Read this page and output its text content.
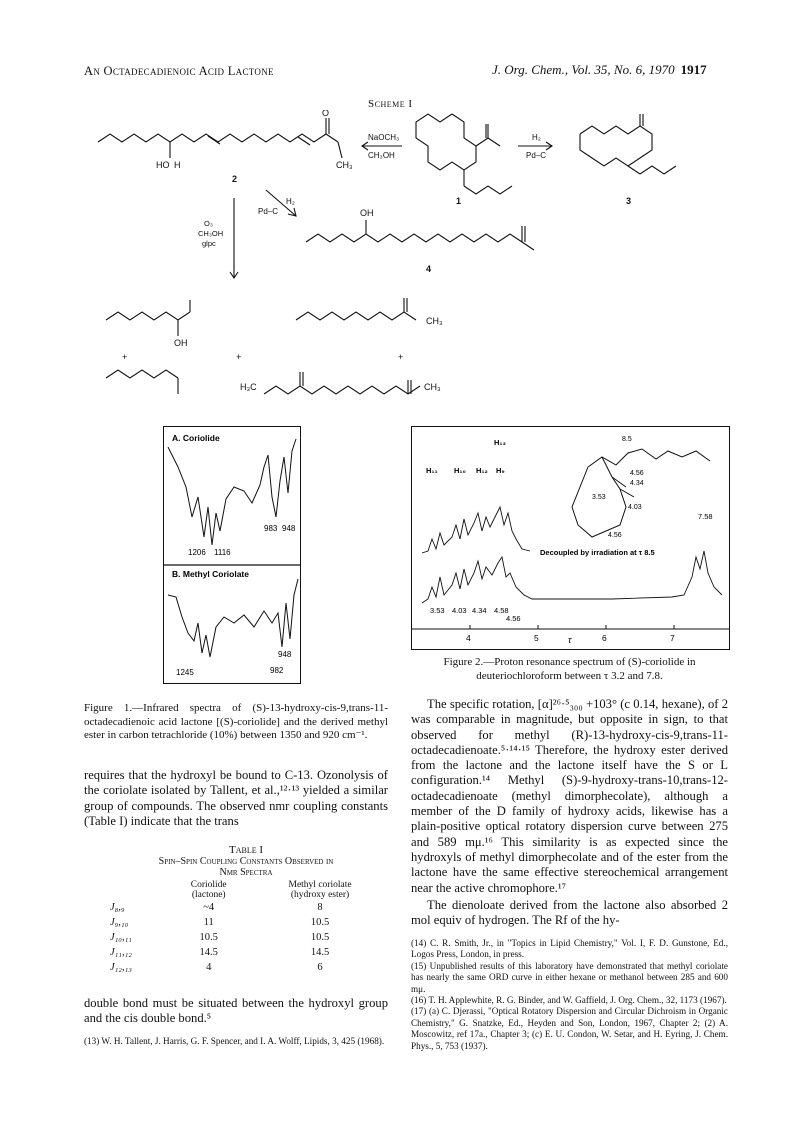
An Octadecadienoic Acid Lactone	J. Org. Chem., Vol. 35, No. 6, 1970 1917
Scheme I
HO H
O
CH₃
2
NaOCH₃
CH₃OH
1
H₂
Pd–C
3
H₂
Pd–C
O₃
CH₃OH
glpc
OH
4
OH
+	+	+
CH₃
H₃C	CH₃
A. Coriolide
B. Methyl Coriolate
1206 1116
983 948
1245
948
982
Decoupled by irradiation at τ 8.5
H₁₃
H₁₁ H₁₀ H₁₂ H₉
3.53 4.03 4.34
4.56
4.58
7.58
4	5	6	7
τ
8.5
4.56
4.34
3.53
4.03
4.56
Figure 1.—Infrared spectra of (S)-13-hydroxy-cis-9,trans-11-octadecadienoic acid lactone [(S)-coriolide] and the derived methyl ester in carbon tetrachloride (10%) between 1350 and 920 cm⁻¹.
Figure 2.—Proton resonance spectrum of (S)-coriolide in deuteriochloroform between τ 3.2 and 7.8.
requires that the hydroxyl be bound to C-13. Ozonolysis of the coriolate isolated by Tallent, et al.,¹²·¹³ yielded a similar group of compounds. The observed nmr coupling constants (Table I) indicate that the trans
Table I
Spin–Spin Coupling Constants Observed in
Nmr Spectra
	Coriolide
(lactone)	Methyl coriolate
(hydroxy ester)
J₈,₉	~4	8
J₉,₁₀	11	10.5
J₁₀,₁₁	10.5	10.5
J₁₁,₁₂	14.5	14.5
J₁₂,₁₃	4	6
double bond must be situated between the hydroxyl group and the cis double bond.⁵
(13) W. H. Tallent, J. Harris, G. F. Spencer, and I. A. Wolff, Lipids, 3, 425 (1968).
The specific rotation, [α]²⁶·⁵₃₀₀ +103° (c 0.14, hexane), of 2 was comparable in magnitude, but opposite in sign, to that observed for methyl (R)-13-hydroxy-cis-9,trans-11-octadecadienoate.⁵·¹⁴·¹⁵ Therefore, the hydroxy ester derived from the lactone and the lactone itself have the S or L configuration.¹⁴ Methyl (S)-9-hydroxy-trans-10,trans-12-octadecadienoate (methyl dimorphecolate), although a member of the D family of hydroxy acids, likewise has a plain-positive optical rotatory dispersion curve between 275 and 589 mμ.¹⁶ This similarity is as expected since the hydroxyls of methyl dimorphecolate and of the ester from the lactone have the same effective stereochemical arrangement near the active chromophore.¹⁷
The dienoloate derived from the lactone also absorbed 2 mol equiv of hydrogen. The Rf of the hy-
(14) C. R. Smith, Jr., in "Topics in Lipid Chemistry," Vol. I, F. D. Gunstone, Ed., Logos Press, London, in press.
(15) Unpublished results of this laboratory have demonstrated that methyl coriolate has nearly the same ORD curve in either hexane or methanol between 285 and 600 mμ.
(16) T. H. Applewhite, R. G. Binder, and W. Gaffield, J. Org. Chem., 32, 1173 (1967).
(17) (a) C. Djerassi, "Optical Rotatory Dispersion and Circular Dichroism in Organic Chemistry," G. Snatzke, Ed., Heyden and Son, London, 1967, Chapter 2; (2) A. Moscowitz, ref 17a., Chapter 3; (c) E. U. Condon, W. Setar, and H. Eyring, J. Chem. Phys., 5, 753 (1937).
